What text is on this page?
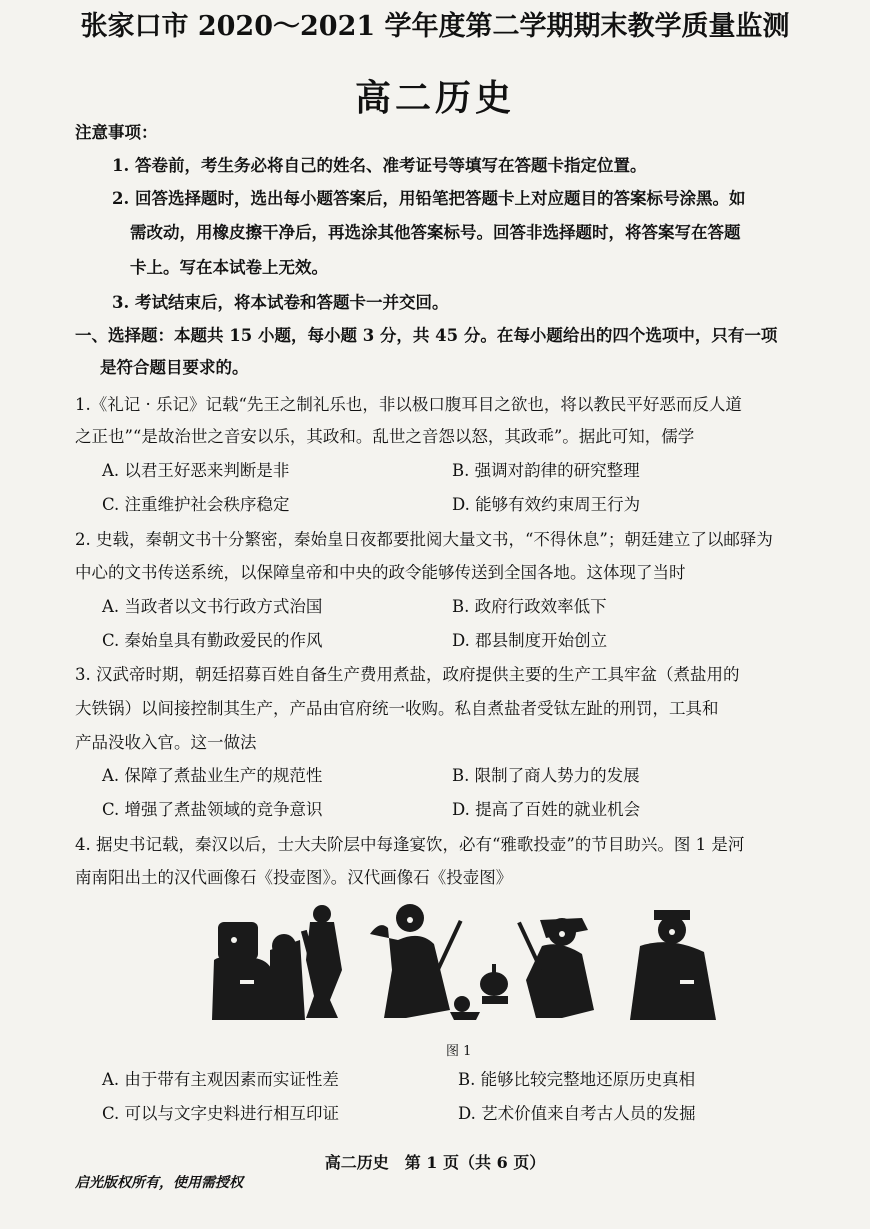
张家口市 2020～2021 学年度第二学期期末教学质量监测
高二历史
注意事项：
1. 答卷前，考生务必将自己的姓名、准考证号等填写在答题卡指定位置。
2. 回答选择题时，选出每小题答案后，用铅笔把答题卡上对应题目的答案标号涂黑。如
需改动，用橡皮擦干净后，再选涂其他答案标号。回答非选择题时，将答案写在答题
卡上。写在本试卷上无效。
3. 考试结束后，将本试卷和答题卡一并交回。
一、选择题：本题共 15 小题，每小题 3 分，共 45 分。在每小题给出的四个选项中，只有一项
是符合题目要求的。
1.《礼记 · 乐记》记载“先王之制礼乐也，非以极口腹耳目之欲也，将以教民平好恶而反人道
之正也”“是故治世之音安以乐，其政和。乱世之音怨以怒，其政乖”。据此可知，儒学
A. 以君王好恶来判断是非	B. 强调对韵律的研究整理
C. 注重维护社会秩序稳定	D. 能够有效约束周王行为
2. 史载，秦朝文书十分繁密，秦始皇日夜都要批阅大量文书，“不得休息”；朝廷建立了以邮驿为
中心的文书传送系统，以保障皇帝和中央的政令能够传送到全国各地。这体现了当时
A. 当政者以文书行政方式治国	B. 政府行政效率低下
C. 秦始皇具有勤政爱民的作风	D. 郡县制度开始创立
3. 汉武帝时期，朝廷招募百姓自备生产费用煮盐，政府提供主要的生产工具牢盆（煮盐用的
大铁锅）以间接控制其生产，产品由官府统一收购。私自煮盐者受钛左趾的刑罚，工具和
产品没收入官。这一做法
A. 保障了煮盐业生产的规范性	B. 限制了商人势力的发展
C. 增强了煮盐领域的竞争意识	D. 提高了百姓的就业机会
4. 据史书记载，秦汉以后，士大夫阶层中每逢宴饮，必有“雅歌投壶”的节目助兴。图 1 是河
南南阳出土的汉代画像石《投壶图》。汉代画像石《投壶图》
图 1
A. 由于带有主观因素而实证性差	B. 能够比较完整地还原历史真相
C. 可以与文字史料进行相互印证	D. 艺术价值来自考古人员的发掘
高二历史　第 1 页（共 6 页）
启光版权所有，使用需授权
